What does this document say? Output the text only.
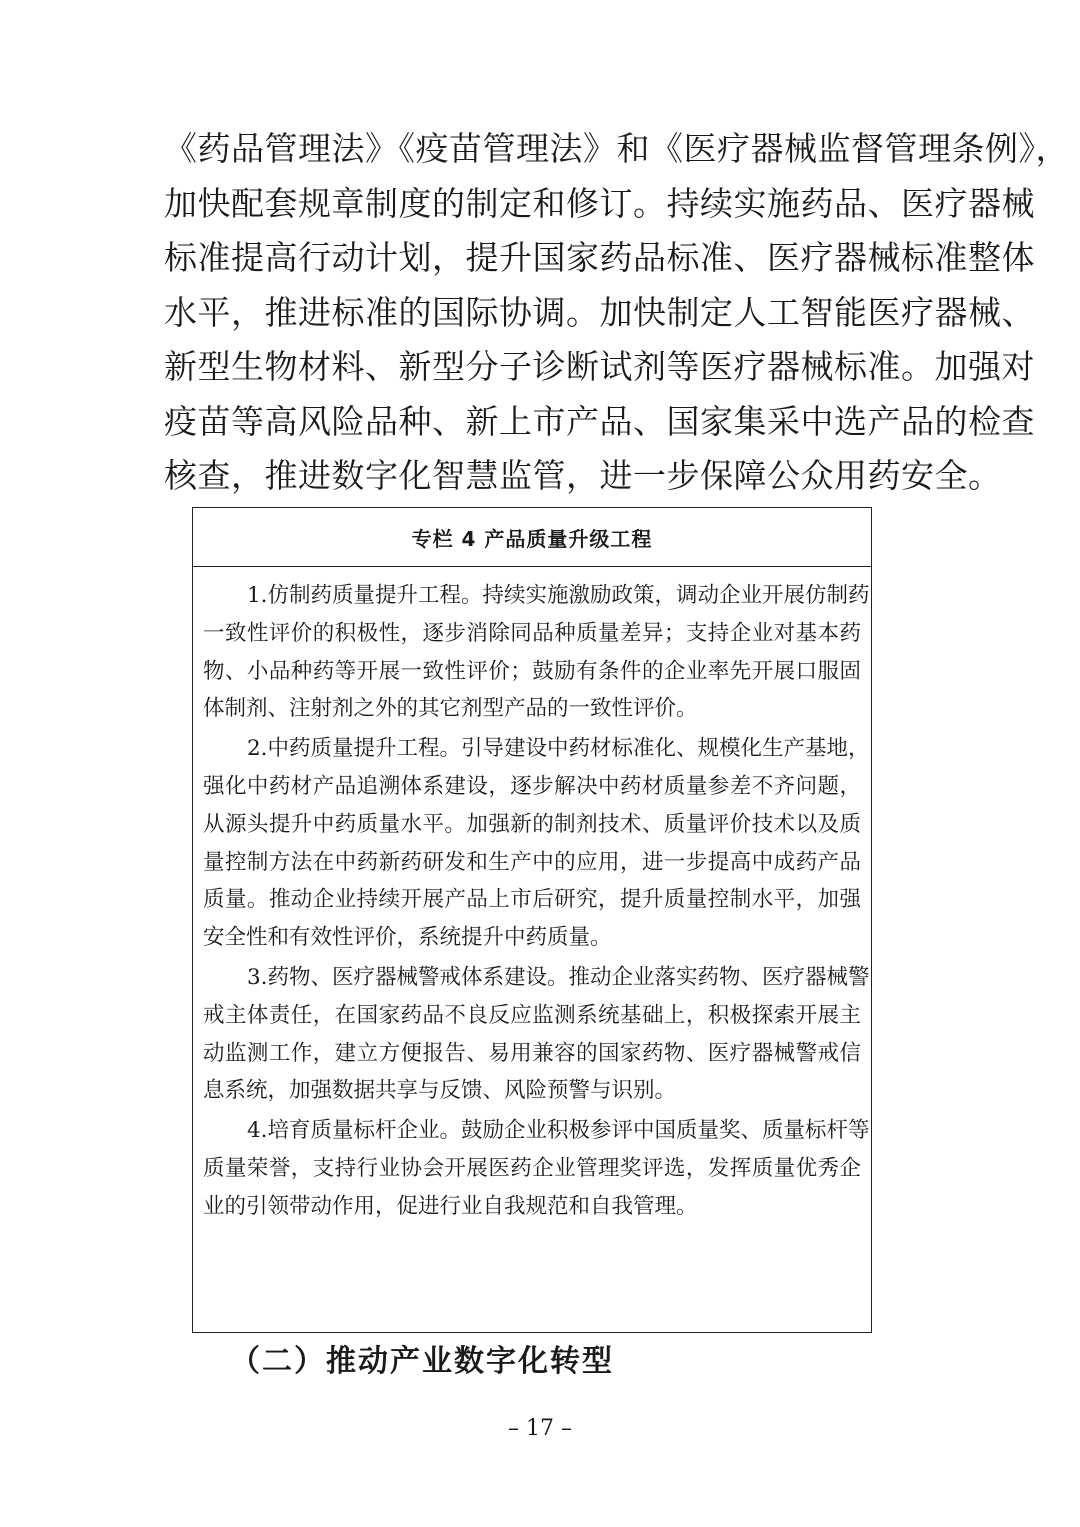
《药品管理法》《疫苗管理法》和《医疗器械监督管理条例》，
加快配套规章制度的制定和修订。持续实施药品、医疗器械
标准提高行动计划，提升国家药品标准、医疗器械标准整体
水平，推进标准的国际协调。加快制定人工智能医疗器械、
新型生物材料、新型分子诊断试剂等医疗器械标准。加强对
疫苗等高风险品种、新上市产品、国家集采中选产品的检查
核查，推进数字化智慧监管，进一步保障公众用药安全。
专栏 4 产品质量升级工程
1.仿制药质量提升工程。持续实施激励政策，调动企业开展仿制药
一致性评价的积极性，逐步消除同品种质量差异；支持企业对基本药
物、小品种药等开展一致性评价；鼓励有条件的企业率先开展口服固
体制剂、注射剂之外的其它剂型产品的一致性评价。
2.中药质量提升工程。引导建设中药材标准化、规模化生产基地，
强化中药材产品追溯体系建设，逐步解决中药材质量参差不齐问题，
从源头提升中药质量水平。加强新的制剂技术、质量评价技术以及质
量控制方法在中药新药研发和生产中的应用，进一步提高中成药产品
质量。推动企业持续开展产品上市后研究，提升质量控制水平，加强
安全性和有效性评价，系统提升中药质量。
3.药物、医疗器械警戒体系建设。推动企业落实药物、医疗器械警
戒主体责任，在国家药品不良反应监测系统基础上，积极探索开展主
动监测工作，建立方便报告、易用兼容的国家药物、医疗器械警戒信
息系统，加强数据共享与反馈、风险预警与识别。
4.培育质量标杆企业。鼓励企业积极参评中国质量奖、质量标杆等
质量荣誉，支持行业协会开展医药企业管理奖评选，发挥质量优秀企
业的引领带动作用，促进行业自我规范和自我管理。
（二）推动产业数字化转型
– 17 –
